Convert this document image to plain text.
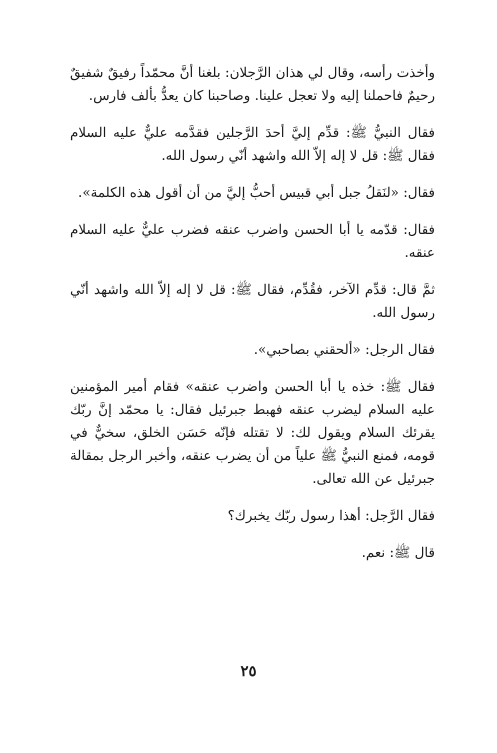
وأخذت رأسه، وقال لي هذان الرَّجلان: بلغنا أنَّ محمّداً رفيقٌ شفيقٌ رحيمٌ فاحملنا إليه ولا تعجل علينا. وصاحبنا كان يعدُّ بألف فارس.

فقال النبيُّ ﷺ: قدِّم إليَّ أحدَ الرَّجلين فقدَّمه عليٌّ عليه السلام فقال ﷺ: قل لا إله إلاّ الله واشهد أنّي رسول الله.

فقال: «لنَقلُ جبل أبي قبيس أحبُّ إليَّ من أن أقول هذه الكلمة».

فقال: قدّمه يا أبا الحسن واضرب عنقه فضرب عليٌّ عليه السلام عنقه.

ثمَّ قال: قدِّم الآخر، فقُدِّم، فقال ﷺ: قل لا إله إلاّ الله واشهد أنّي رسول الله.

فقال الرجل: «ألحقني بصاحبي».

فقال ﷺ: خذه يا أبا الحسن واضرب عنقه» فقام أمير المؤمنين عليه السلام ليضرب عنقه فهبط جبرئيل فقال: يا محمّد إنَّ ربّك يقرئك السلام ويقول لك: لا تقتله فإنّه حَسَن الخلق، سخيٌّ في قومه، فمنع النبيُّ ﷺ علياً من أن يضرب عنقه، وأخبر الرجل بمقالة جبرئيل عن الله تعالى.

فقال الرَّجل: أهذا رسول ربّك يخبرك؟

قال ﷺ: نعم.

٢٥
